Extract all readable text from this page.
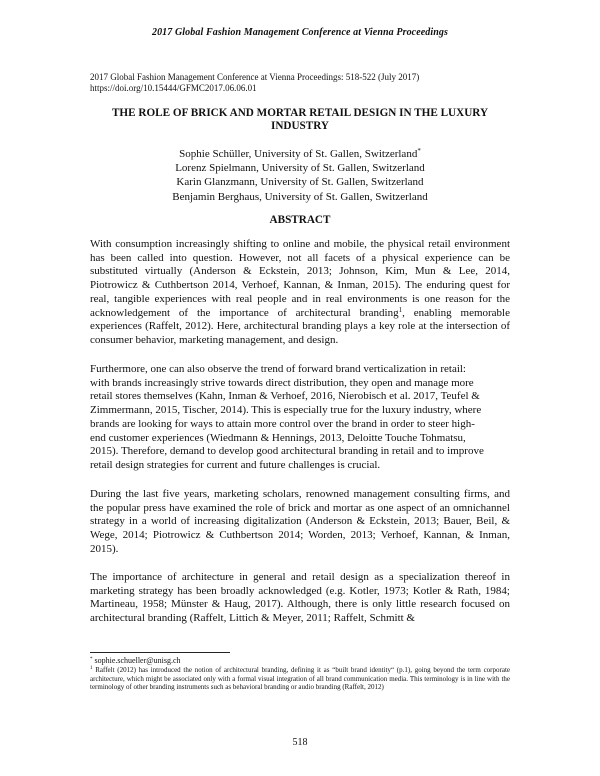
2017 Global Fashion Management Conference at Vienna Proceedings
2017 Global Fashion Management Conference at Vienna Proceedings: 518-522 (July 2017)
https://doi.org/10.15444/GFMC2017.06.06.01
THE ROLE OF BRICK AND MORTAR RETAIL DESIGN IN THE LUXURY
INDUSTRY
Sophie Schüller, University of St. Gallen, Switzerland*
Lorenz Spielmann, University of St. Gallen, Switzerland
Karin Glanzmann, University of St. Gallen, Switzerland
Benjamin Berghaus, University of St. Gallen, Switzerland
ABSTRACT

With consumption increasingly shifting to online and mobile, the physical retail environment has been called into question. However, not all facets of a physical experience can be substituted virtually (Anderson & Eckstein, 2013; Johnson, Kim, Mun & Lee, 2014, Piotrowicz & Cuthbertson 2014, Verhoef, Kannan, & Inman, 2015). The enduring quest for real, tangible experiences with real people and in real environments is one reason for the acknowledgement of the importance of architectural branding$^1$, enabling memorable experiences (Raffelt, 2012). Here, architectural branding plays a key role at the intersection of consumer behavior, marketing management, and design.

Furthermore, one can also observe the trend of forward brand verticalization in retail:
with brands increasingly strive towards direct distribution, they open and manage more
retail stores themselves (Kahn, Inman & Verhoef, 2016, Nierobisch et al. 2017, Teufel &
Zimmermann, 2015, Tischer, 2014). This is especially true for the luxury industry, where
brands are looking for ways to attain more control over the brand in order to steer high-
end customer experiences (Wiedmann & Hennings, 2013, Deloitte Touche Tohmatsu,
2015). Therefore, demand to develop good architectural branding in retail and to improve
retail design strategies for current and future challenges is crucial.

During the last five years, marketing scholars, renowned management consulting firms, and the popular press have examined the role of brick and mortar as one aspect of an omnichannel strategy in a world of increasing digitalization (Anderson & Eckstein, 2013; Bauer, Beil, & Wege, 2014; Piotrowicz & Cuthbertson 2014; Worden, 2013; Verhoef, Kannan, & Inman, 2015).

The importance of architecture in general and retail design as a specialization thereof in marketing strategy has been broadly acknowledged (e.g. Kotler, 1973; Kotler & Rath, 1984; Martineau, 1958; Münster & Haug, 2017). Although, there is only little research focused on architectural branding (Raffelt, Littich & Meyer, 2011; Raffelt, Schmitt &

* sophie.schueller@unisg.ch

$^1$ Raffelt (2012) has introduced the notion of architectural branding, defining it as “built brand identity“ (p.1), going beyond the term corporate architecture, which might be associated only with a formal visual integration of all brand communication media. This terminology is in line with the terminology of other branding instruments such as behavioral branding or audio branding (Raffelt, 2012)

518
